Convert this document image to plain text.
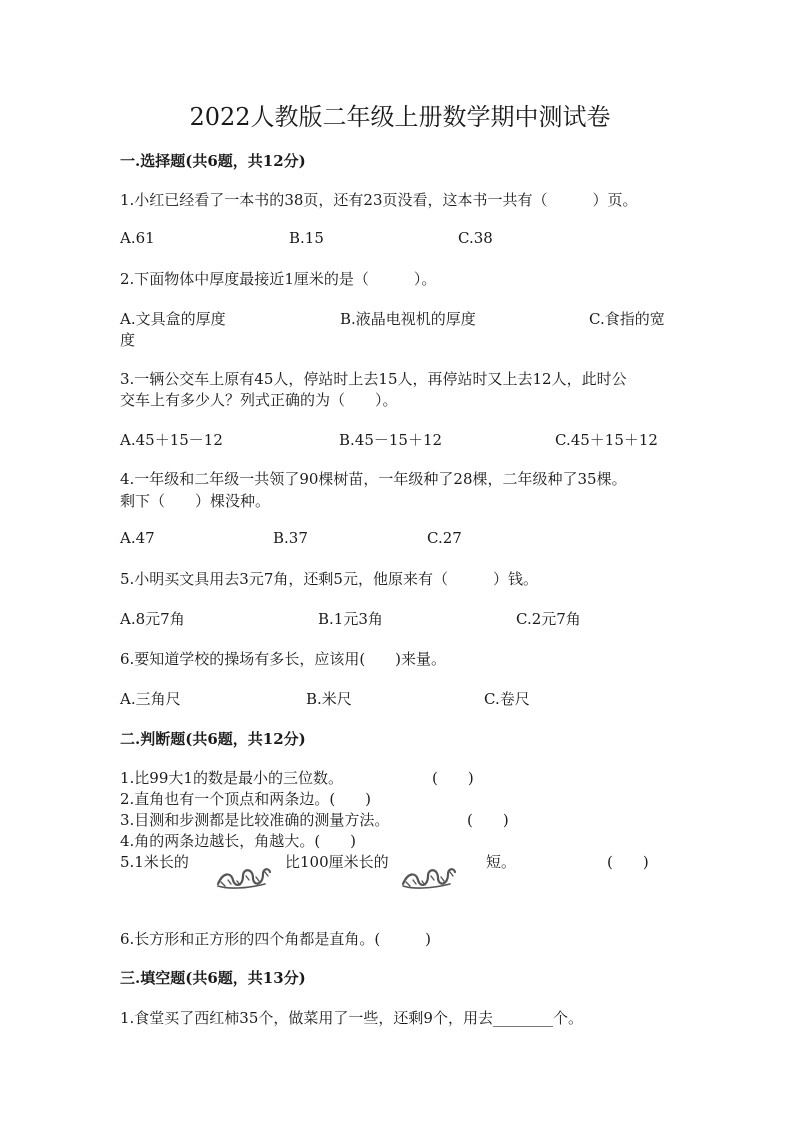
2022人教版二年级上册数学期中测试卷
一.选择题(共6题，共12分)
1.小红已经看了一本书的38页，还有23页没看，这本书一共有（　　　）页。
A.61	B.15	C.38
2.下面物体中厚度最接近1厘米的是（　　　）。
A.文具盒的厚度	B.液晶电视机的厚度	C.食指的宽
度
3.一辆公交车上原有45人，停站时上去15人，再停站时又上去12人，此时公
交车上有多少人？列式正确的为（　　）。
A.45＋15－12	B.45－15＋12	C.45＋15＋12
4.一年级和二年级一共领了90棵树苗，一年级种了28棵，二年级种了35棵。
剩下（　　）棵没种。
A.47	B.37	C.27
5.小明买文具用去3元7角，还剩5元，他原来有（　　　）钱。
A.8元7角	B.1元3角	C.2元7角
6.要知道学校的操场有多长，应该用(　　)来量。
A.三角尺	B.米尺	C.卷尺
二.判断题(共6题，共12分)
1.比99大1的数是最小的三位数。	(　　)
2.直角也有一个顶点和两条边。(　　)
3.目测和步测都是比较准确的测量方法。	(　　)
4.角的两条边越长，角越大。(　　)
5.1米长的	比100厘米长的	短。	(　　)
6.长方形和正方形的四个角都是直角。(　　　)
三.填空题(共6题，共13分)
1.食堂买了西红柿35个，做菜用了一些，还剩9个，用去________个。
